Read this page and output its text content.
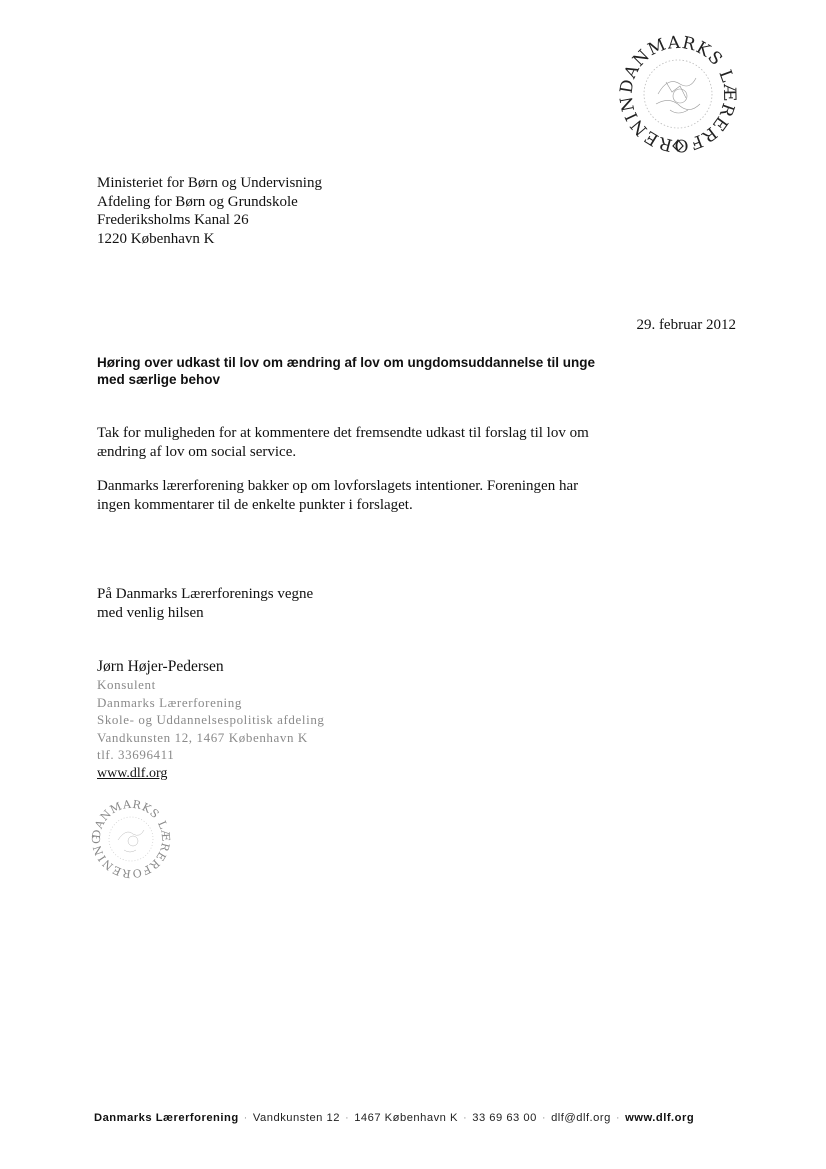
DANMARKS LÆRERFORENIN
Ministeriet for Børn og Undervisning
Afdeling for Børn og Grundskole
Frederiksholms Kanal 26
1220 København K
29. februar 2012
Høring over udkast til lov om ændring af lov om ungdomsuddannelse til unge med særlige behov
Tak for muligheden for at kommentere det fremsendte udkast til forslag til lov om ændring af lov om social service.
Danmarks lærerforening bakker op om lovforslagets intentioner. Foreningen har ingen kommentarer til de enkelte punkter i forslaget.
På Danmarks Lærerforenings vegne
med venlig hilsen
Jørn Højer-Pedersen
Konsulent
Danmarks Lærerforening
Skole- og Uddannelsespolitisk afdeling
Vandkunsten 12, 1467 København K
tlf. 33696411
www.dlf.org
DANMARKS LÆRERFORENING
Danmarks Lærerforening · Vandkunsten 12 · 1467 København K · 33 69 63 00 · dlf@dlf.org · www.dlf.org
